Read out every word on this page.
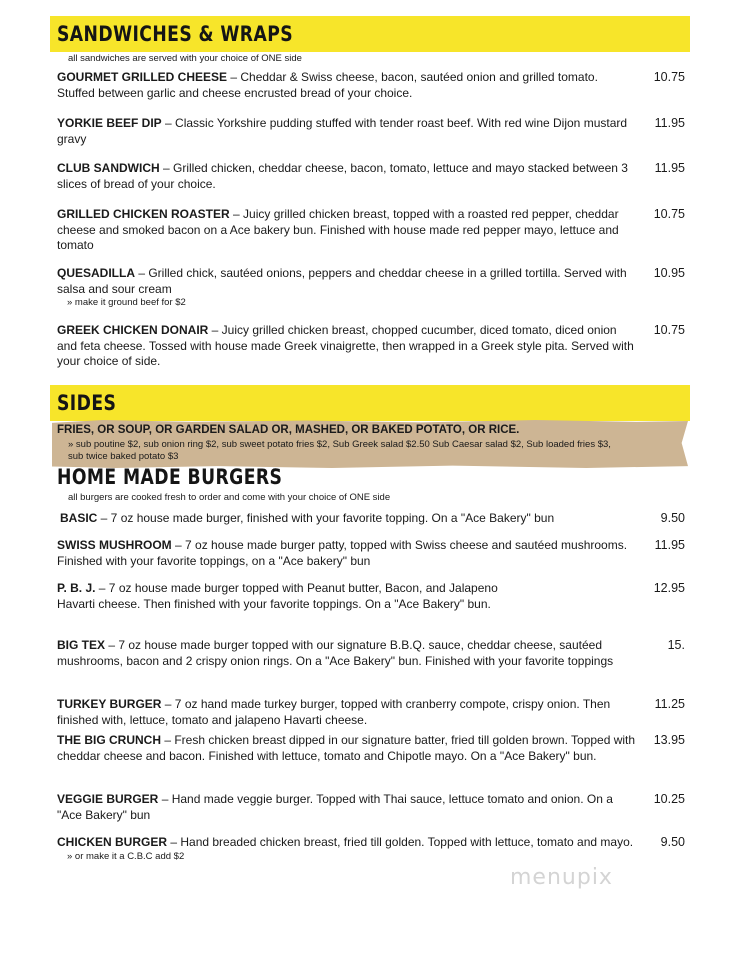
SANDWICHES & WRAPS
all sandwiches are served with your choice of ONE side
GOURMET GRILLED CHEESE – Cheddar & Swiss cheese, bacon, sautéed onion and grilled tomato. Stuffed between garlic and cheese encrusted bread of your choice.
10.75
YORKIE BEEF DIP – Classic Yorkshire pudding stuffed with tender roast beef. With red wine Dijon mustard gravy
11.95
CLUB SANDWICH – Grilled chicken, cheddar cheese, bacon, tomato, lettuce and mayo stacked between 3 slices of bread of your choice.
11.95
GRILLED CHICKEN ROASTER – Juicy grilled chicken breast, topped with a roasted red pepper, cheddar cheese and smoked bacon on a Ace bakery bun. Finished with house made red pepper mayo, lettuce and tomato
10.75
QUESADILLA – Grilled chick, sautéed onions, peppers and cheddar cheese in a grilled tortilla. Served with salsa and sour cream
» make it ground beef for $2
10.95
GREEK CHICKEN DONAIR – Juicy grilled chicken breast, chopped cucumber, diced tomato, diced onion and feta cheese. Tossed with house made Greek vinaigrette, then wrapped in a Greek style pita. Served with your choice of side.
10.75
SIDES
FRIES, OR SOUP, OR GARDEN SALAD OR, MASHED, OR BAKED POTATO, OR RICE.
» sub poutine $2, sub onion ring $2, sub sweet potato fries $2, Sub Greek salad $2.50 Sub Caesar salad $2, Sub loaded fries $3, sub twice baked potato $3
HOME MADE BURGERS
all burgers are cooked fresh to order and come with your choice of ONE side
BASIC – 7 oz house made burger, finished with your favorite topping. On a "Ace Bakery" bun	9.50
SWISS MUSHROOM – 7 oz house made burger patty, topped with Swiss cheese and sautéed mushrooms. Finished with your favorite toppings, on a "Ace bakery" bun
11.95
P. B. J. – 7 oz house made burger topped with Peanut butter, Bacon, and Jalapeno Havarti cheese. Then finished with your favorite toppings. On a "Ace Bakery" bun.
12.95
BIG TEX – 7 oz house made burger topped with our signature B.B.Q. sauce, cheddar cheese, sautéed mushrooms, bacon and 2 crispy onion rings. On a "Ace Bakery" bun. Finished with your favorite toppings
15.
TURKEY BURGER – 7 oz hand made turkey burger, topped with cranberry compote, crispy onion. Then finished with, lettuce, tomato and jalapeno Havarti cheese.
11.25
THE BIG CRUNCH – Fresh chicken breast dipped in our signature batter, fried till golden brown. Topped with cheddar cheese and bacon. Finished with lettuce, tomato and Chipotle mayo. On a "Ace Bakery" bun.
13.95
VEGGIE BURGER – Hand made veggie burger. Topped with Thai sauce, lettuce tomato and onion. On a "Ace Bakery" bun
10.25
CHICKEN BURGER – Hand breaded chicken breast, fried till golden. Topped with lettuce, tomato and mayo.
» or make it a C.B.C add $2
9.50
menupix
